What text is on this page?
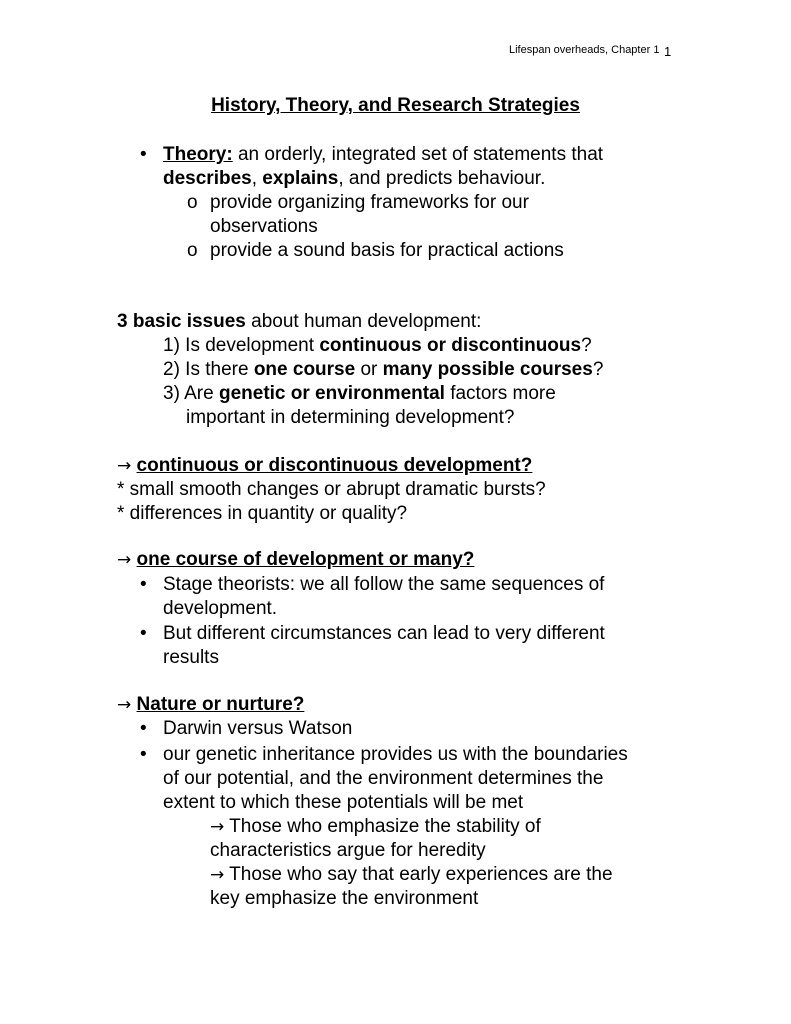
Lifespan overheads, Chapter 1 1
History, Theory, and Research Strategies
• Theory: an orderly, integrated set of statements that
describes, explains, and predicts behaviour.
o provide organizing frameworks for our
observations
o provide a sound basis for practical actions
3 basic issues about human development:
1) Is development continuous or discontinuous?
2) Is there one course or many possible courses?
3) Are genetic or environmental factors more
important in determining development?
→ continuous or discontinuous development?
* small smooth changes or abrupt dramatic bursts?
* differences in quantity or quality?
→ one course of development or many?
• Stage theorists: we all follow the same sequences of
development.
• But different circumstances can lead to very different
results
→ Nature or nurture?
• Darwin versus Watson
• our genetic inheritance provides us with the boundaries
of our potential, and the environment determines the
extent to which these potentials will be met
→ Those who emphasize the stability of
characteristics argue for heredity
→ Those who say that early experiences are the
key emphasize the environment
